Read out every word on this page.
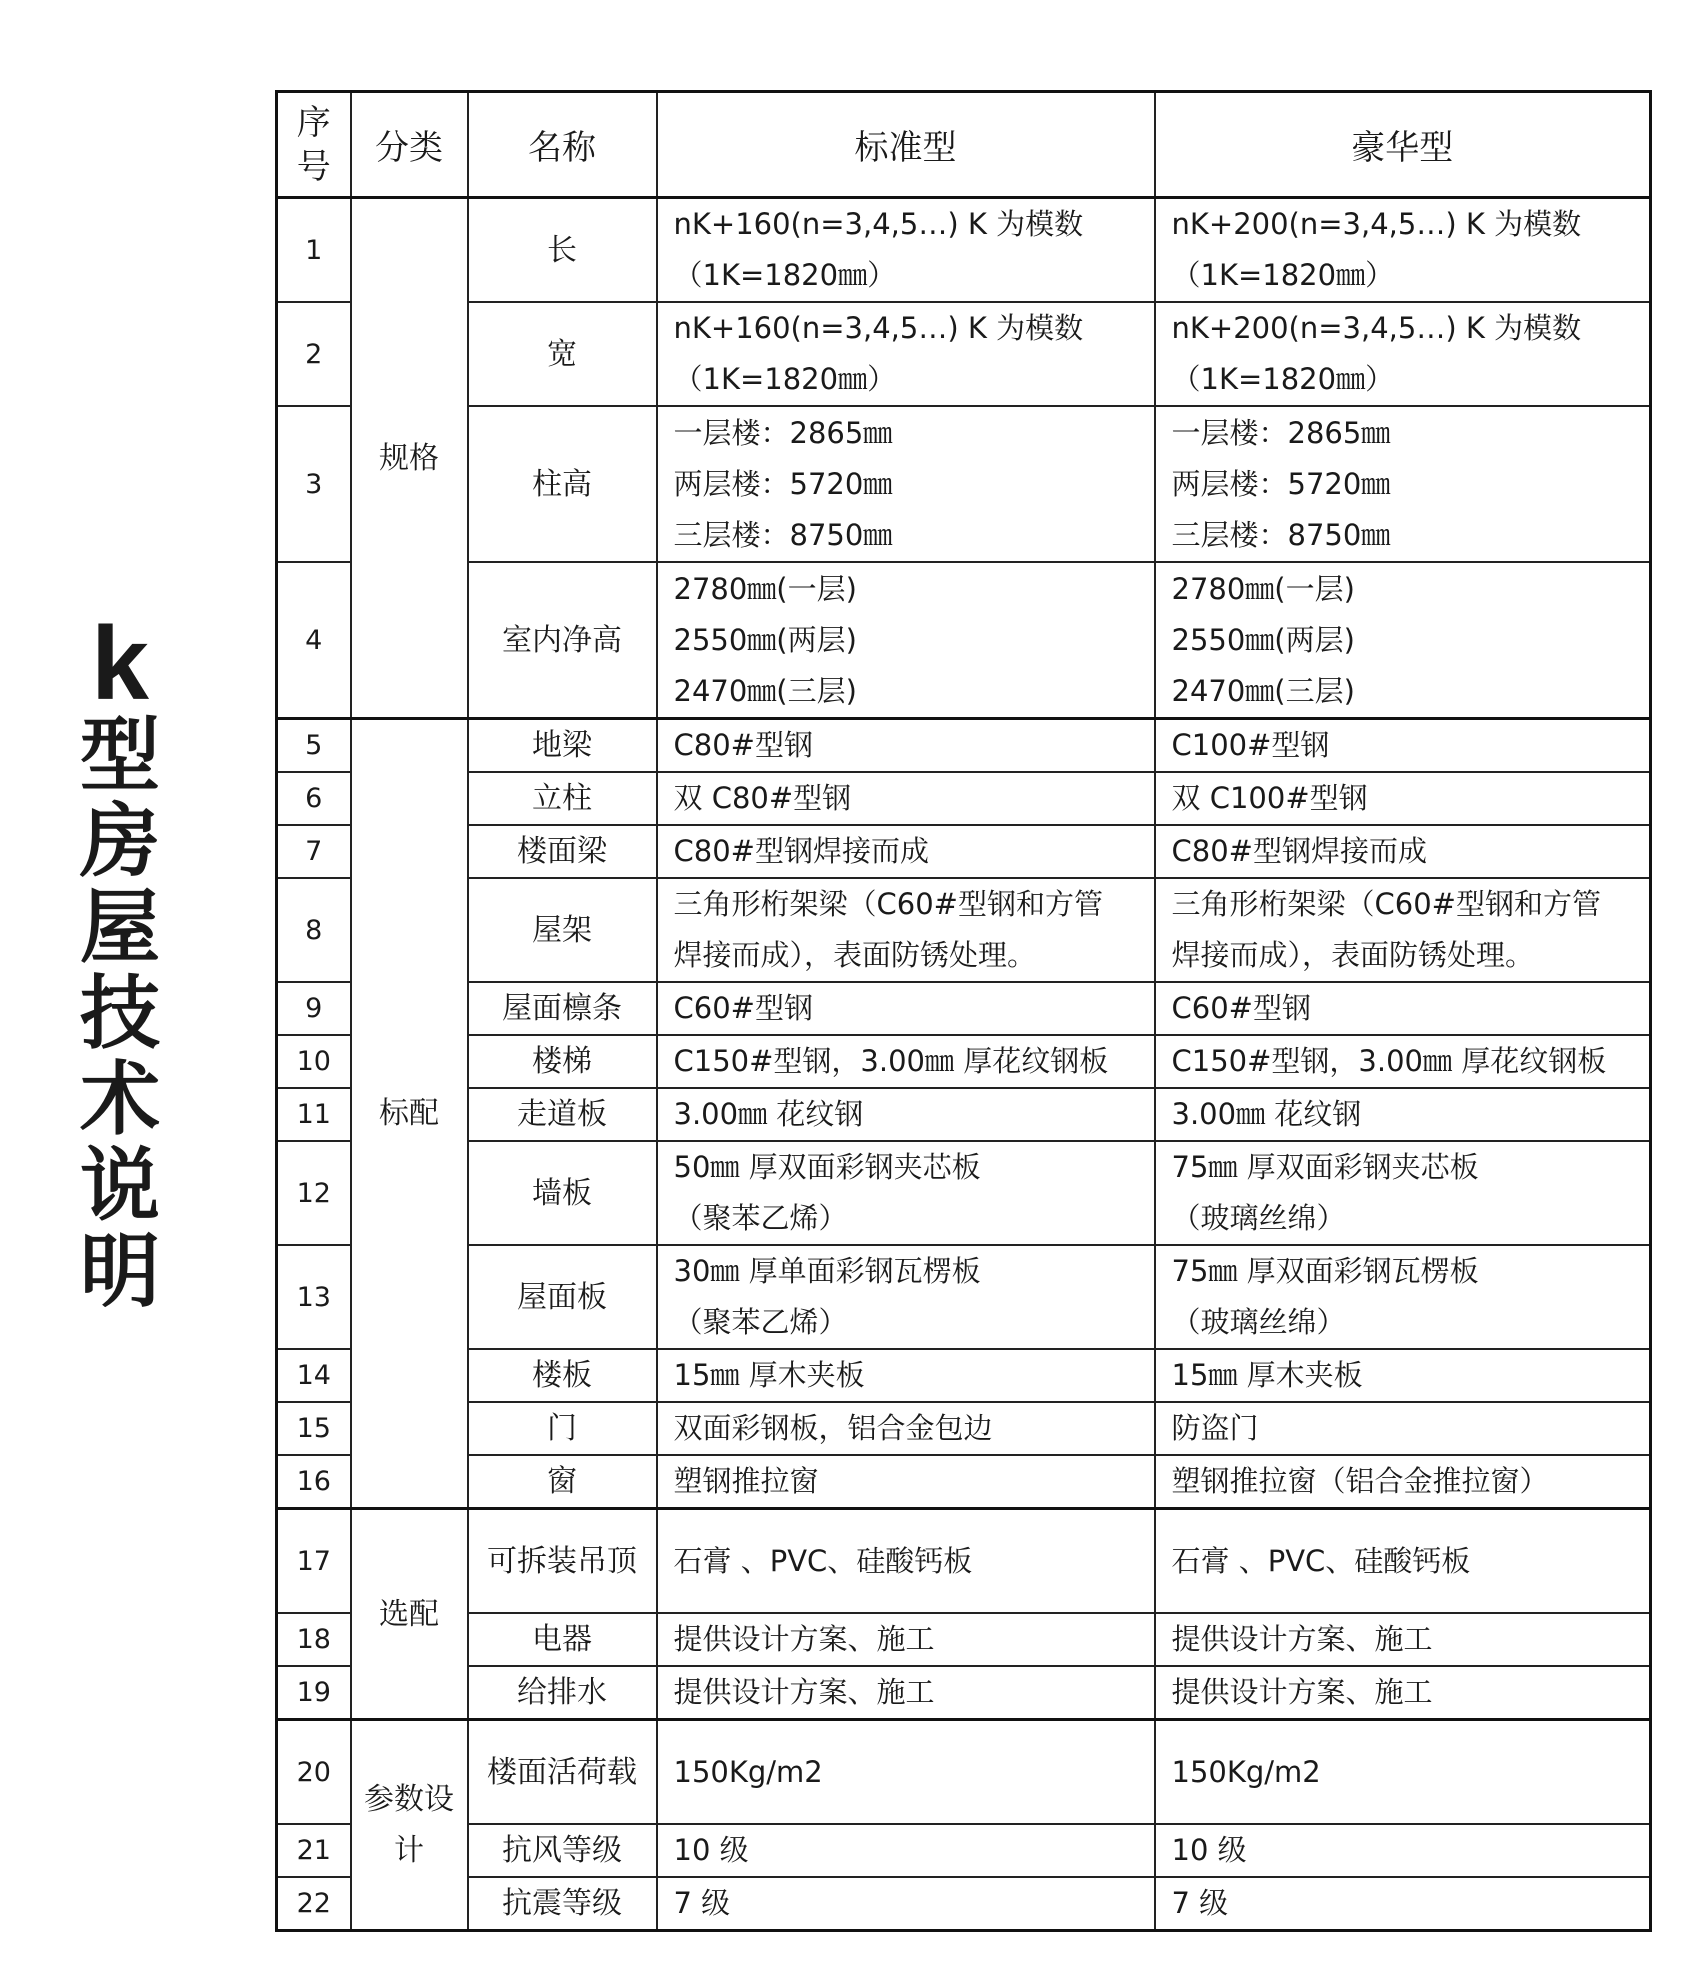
k
型
房
屋
技
术
说
明
序
号	分类	名称	标准型	豪华型
1	规格	长	nK+160(n=3,4,5…) K 为模数
（1K=1820㎜）	nK+200(n=3,4,5…) K 为模数
（1K=1820㎜）

2		宽	nK+160(n=3,4,5…) K 为模数
（1K=1820㎜）	nK+200(n=3,4,5…) K 为模数
（1K=1820㎜）

3		柱高	一层楼：2865㎜
两层楼：5720㎜
三层楼：8750㎜	一层楼：2865㎜
两层楼：5720㎜
三层楼：8750㎜

4		室内净高	2780㎜(一层)
2550㎜(两层)
2470㎜(三层)	2780㎜(一层)
2550㎜(两层)
2470㎜(三层)

5	标配	地梁	C80#型钢	C100#型钢

6		立柱	双 C80#型钢	双 C100#型钢

7		楼面梁	C80#型钢焊接而成	C80#型钢焊接而成

8		屋架	三角形桁架梁（C60#型钢和方管
焊接而成），表面防锈处理。	三角形桁架梁（C60#型钢和方管
焊接而成），表面防锈处理。

9		屋面檩条	C60#型钢	C60#型钢

10		楼梯	C150#型钢，3.00㎜ 厚花纹钢板	C150#型钢，3.00㎜ 厚花纹钢板

11		走道板	3.00㎜ 花纹钢	3.00㎜ 花纹钢

12		墙板	50㎜ 厚双面彩钢夹芯板
（聚苯乙烯）	75㎜ 厚双面彩钢夹芯板
（玻璃丝绵）

13		屋面板	30㎜ 厚单面彩钢瓦楞板
（聚苯乙烯）	75㎜ 厚双面彩钢瓦楞板
（玻璃丝绵）

14		楼板	15㎜ 厚木夹板	15㎜ 厚木夹板

15		门	双面彩钢板，铝合金包边	防盗门

16		窗	塑钢推拉窗	塑钢推拉窗（铝合金推拉窗）

17	选配	可拆装吊顶	石膏 、PVC、硅酸钙板	石膏 、PVC、硅酸钙板

18		电器	提供设计方案、施工	提供设计方案、施工

19		给排水	提供设计方案、施工	提供设计方案、施工

20	参数设计	楼面活荷载	150Kg/m2	150Kg/m2

21		抗风等级	10 级	10 级

22		抗震等级	7 级	7 级
